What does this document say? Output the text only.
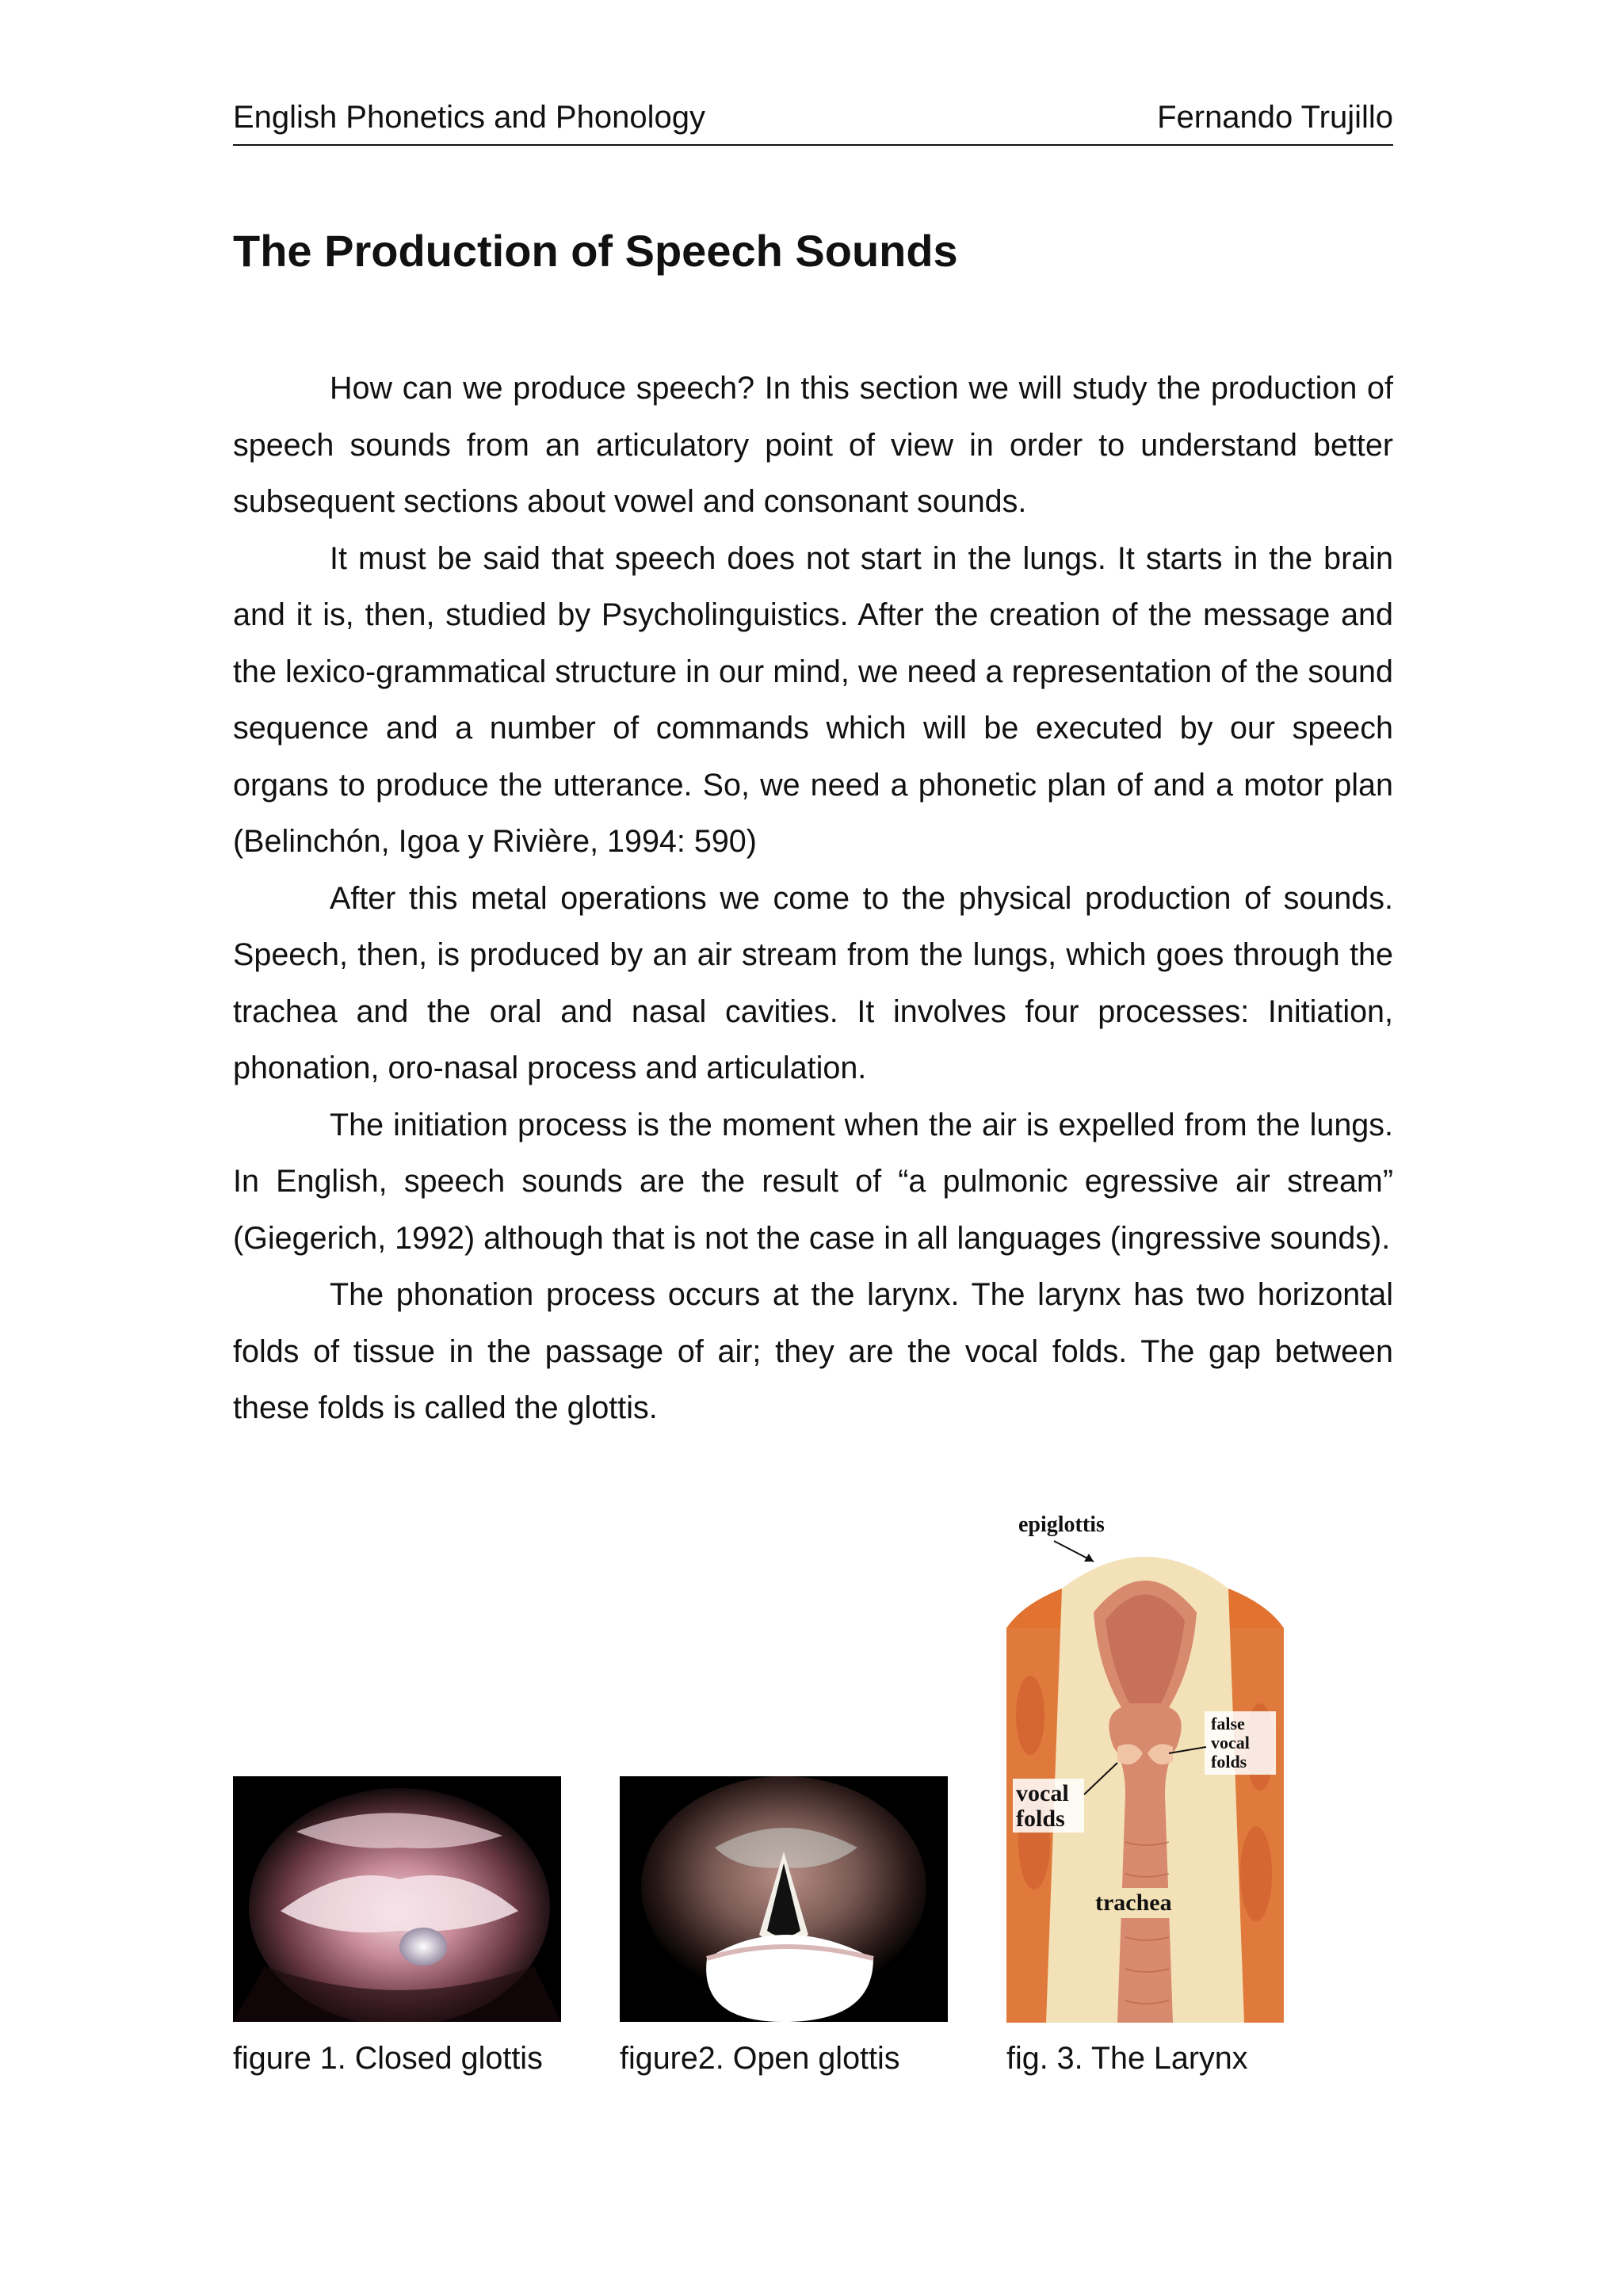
English Phonetics and Phonology	Fernando Trujillo
The Production of Speech Sounds

How can we produce speech? In this section we will study the production of speech sounds from an articulatory point of view in order to understand better subsequent sections about vowel and consonant sounds.

It must be said that speech does not start in the lungs. It starts in the brain and it is, then, studied by Psycholinguistics. After the creation of the message and the lexico-grammatical structure in our mind, we need a representation of the sound sequence and a number of commands which will be executed by our speech organs to produce the utterance. So, we need a phonetic plan of and a motor plan (Belinchón, Igoa y Rivière, 1994: 590)

After this metal operations we come to the physical production of sounds. Speech, then, is produced by an air stream from the lungs, which goes through the trachea and the oral and nasal cavities. It involves four processes: Initiation, phonation, oro-nasal process and articulation.

The initiation process is the moment when the air is expelled from the lungs. In English, speech sounds are the result of “a pulmonic egressive air stream” (Giegerich, 1992) although that is not the case in all languages (ingressive sounds).

The phonation process occurs at the larynx. The larynx has two horizontal folds of tissue in the passage of air; they are the vocal folds. The gap between these folds is called the glottis.

epiglottis
false
vocal
folds
vocal
folds
trachea
figure 1. Closed glottis figure2. Open glottis	fig. 3. The Larynx
